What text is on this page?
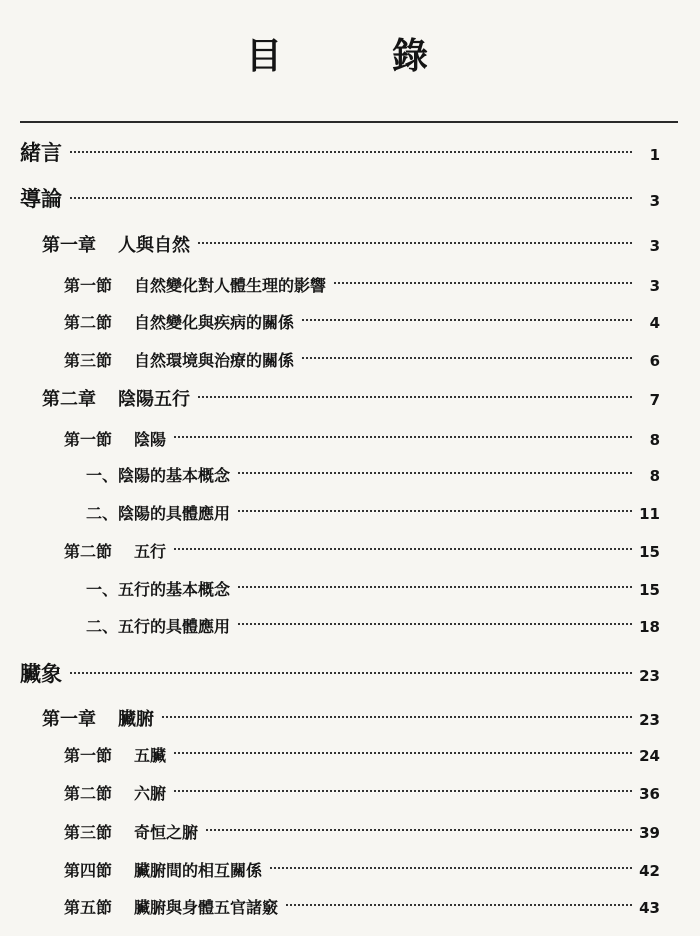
目	錄
緒言	1
導論	3
第一章 人與自然	3
第一節 自然變化對人體生理的影響	3
第二節 自然變化與疾病的關係	4
第三節 自然環境與治療的關係	6
第二章 陰陽五行	7
第一節 陰陽	8
一、陰陽的基本概念	8
二、陰陽的具體應用	11
第二節 五行	15
一、五行的基本概念	15
二、五行的具體應用	18
臟象	23
第一章 臟腑	23
第一節 五臟	24
第二節 六腑	36
第三節 奇恒之腑	39
第四節 臟腑間的相互關係	42
第五節 臟腑與身體五官諸竅	43
